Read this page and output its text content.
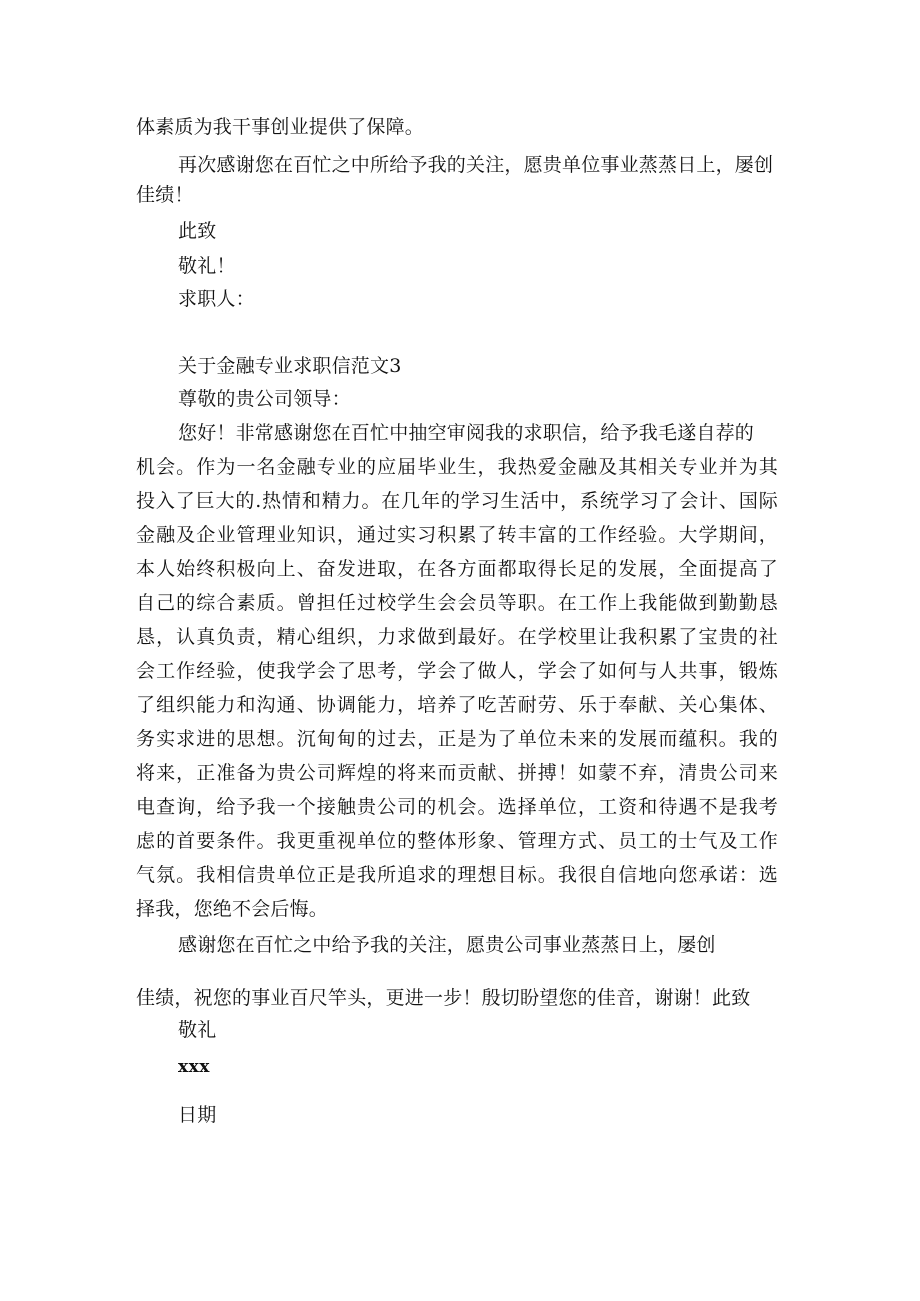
体素质为我干事创业提供了保障。
再次感谢您在百忙之中所给予我的关注，愿贵单位事业蒸蒸日上，屡创
佳绩！
此致
敬礼！
求职人：
关于金融专业求职信范文3
尊敬的贵公司领导：
您好！非常感谢您在百忙中抽空审阅我的求职信，给予我毛遂自荐的
机会。作为一名金融专业的应届毕业生，我热爱金融及其相关专业并为其
投入了巨大的.热情和精力。在几年的学习生活中，系统学习了会计、国际
金融及企业管理业知识，通过实习积累了转丰富的工作经验。大学期间，
本人始终积极向上、奋发进取，在各方面都取得长足的发展，全面提高了
自己的综合素质。曾担任过校学生会会员等职。在工作上我能做到勤勤恳
恳，认真负责，精心组织，力求做到最好。在学校里让我积累了宝贵的社
会工作经验，使我学会了思考，学会了做人，学会了如何与人共事，锻炼
了组织能力和沟通、协调能力，培养了吃苦耐劳、乐于奉献、关心集体、
务实求进的思想。沉甸甸的过去，正是为了单位未来的发展而蕴积。我的
将来，正准备为贵公司辉煌的将来而贡献、拼搏！如蒙不弃，清贵公司来
电查询，给予我一个接触贵公司的机会。选择单位，工资和待遇不是我考
虑的首要条件。我更重视单位的整体形象、管理方式、员工的士气及工作
气氛。我相信贵单位正是我所追求的理想目标。我很自信地向您承诺：选
择我，您绝不会后悔。
感谢您在百忙之中给予我的关注，愿贵公司事业蒸蒸日上，屡创
佳绩，祝您的事业百尺竿头，更进一步！殷切盼望您的佳音，谢谢！此致
敬礼
xxx
日期
